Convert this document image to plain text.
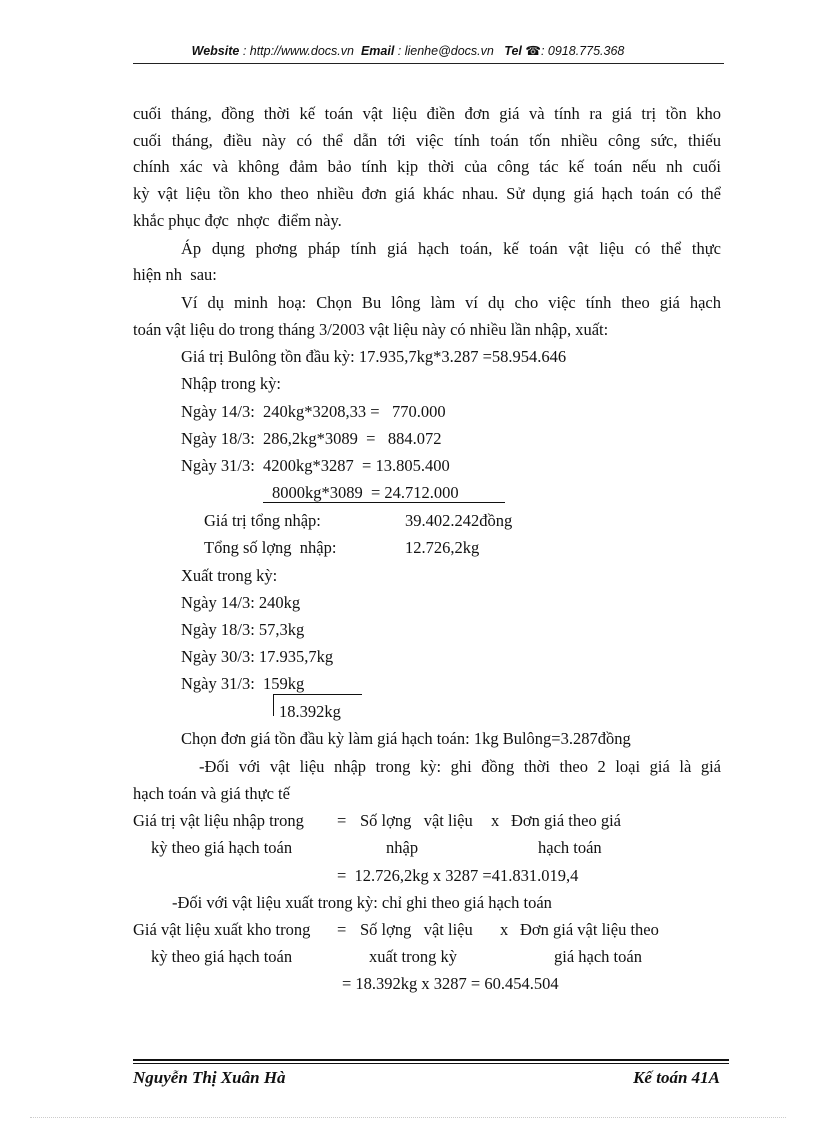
Website : http://www.docs.vn Email : lienhe@docs.vn Tel ☎: 0918.775.368
cuối tháng, đồng thời kế toán vật liệu điền đơn giá và tính ra giá trị tồn kho
cuối tháng, điều này có thể dẫn tới việc tính toán tốn nhiều công sức, thiếu
chính xác và không đảm bảo tính kịp thời của công tác kế toán nếu nh cuối
kỳ vật liệu tồn kho theo nhiều đơn giá khác nhau. Sử dụng giá hạch toán có thể
khắc phục đợc  nhợc  điểm này.
Áp dụng phơng pháp tính giá hạch toán, kế toán vật liệu có thể thực
hiện nh  sau:
Ví dụ minh hoạ: Chọn Bu lông làm ví dụ cho việc tính theo giá hạch
toán vật liệu do trong tháng 3/2003 vật liệu này có nhiều lần nhập, xuất:
Giá trị Bulông tồn đầu kỳ: 17.935,7kg*3.287 =58.954.646
Nhập trong kỳ:
Ngày 14/3:  240kg*3208,33 =   770.000
Ngày 18/3:  286,2kg*3089  =   884.072
Ngày 31/3:  4200kg*3287  = 13.805.400
8000kg*3089  = 24.712.000
Giá trị tổng nhập:	39.402.242đồng
Tổng số lợng  nhập:	12.726,2kg
Xuất trong kỳ:
Ngày 14/3: 240kg
Ngày 18/3: 57,3kg
Ngày 30/3: 17.935,7kg
Ngày 31/3:  159kg
18.392kg
Chọn đơn giá tồn đầu kỳ làm giá hạch toán: 1kg Bulông=3.287đồng
-Đối với vật liệu nhập trong kỳ: ghi đồng thời theo 2 loại giá là giá
hạch toán và giá thực tế
Giá trị vật liệu nhập trong = Số lợng   vật liệu x Đơn giá theo giá
kỳ theo giá hạch toán	nhập	hạch toán
=  12.726,2kg x 3287 =41.831.019,4
-Đối với vật liệu xuất trong kỳ: chỉ ghi theo giá hạch toán
Giá vật liệu xuất kho trong = Số lợng   vật liệu x Đơn giá vật liệu theo
kỳ theo giá hạch toán	xuất trong kỳ	giá hạch toán
= 18.392kg x 3287 = 60.454.504
Nguyễn Thị Xuân Hà	Kế toán 41A
